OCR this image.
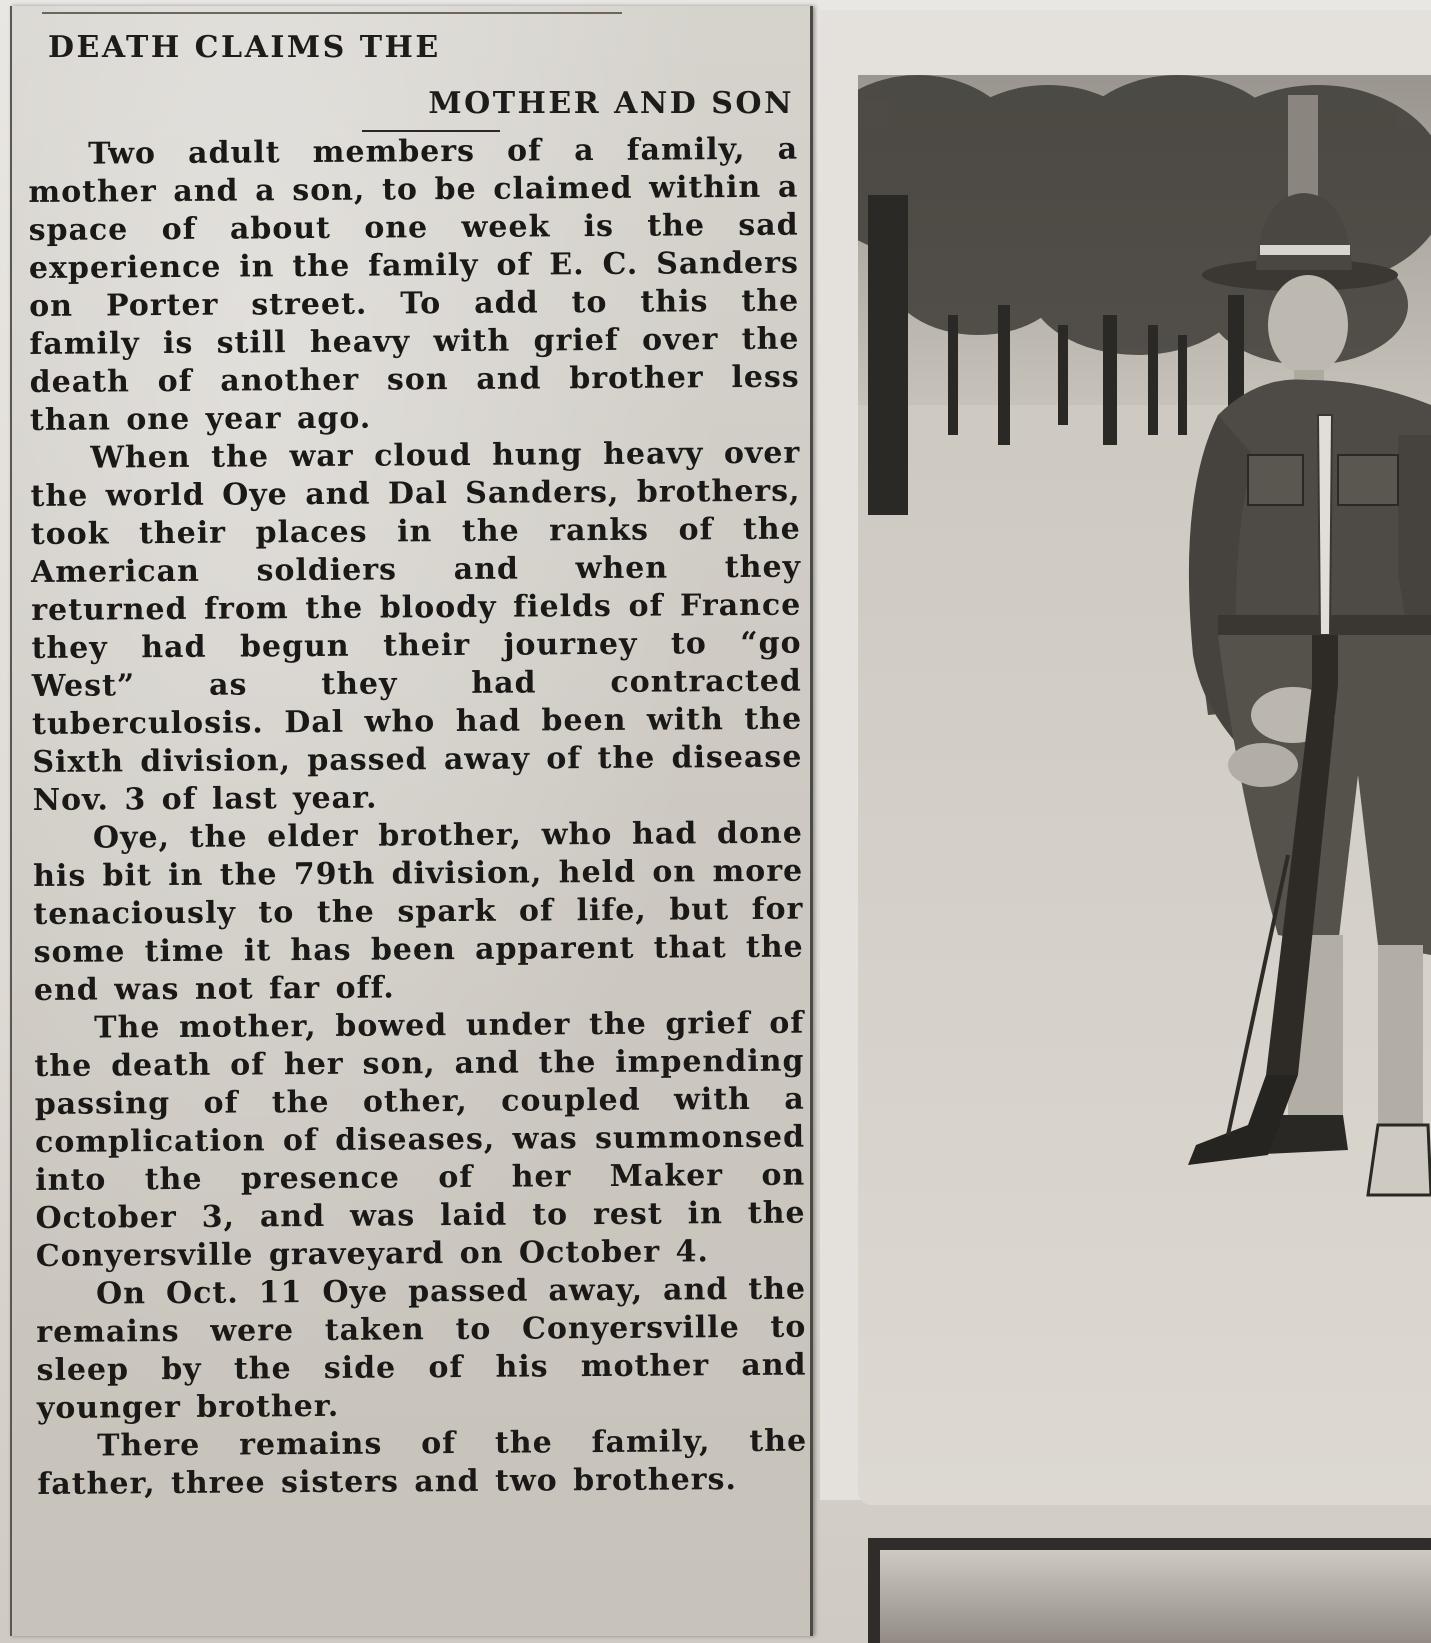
DEATH CLAIMS THE
MOTHER AND SON

Two adult members of a family, a mother and a son, to be claimed within a space of about one week is the sad experience in the family of E. C. Sanders on Porter street. To add to this the family is still heavy with grief over the death of another son and brother less than one year ago.

When the war cloud hung heavy over the world Oye and Dal Sanders, brothers, took their places in the ranks of the American soldiers and when they returned from the bloody fields of France they had begun their journey to “go West” as they had contracted tuberculosis. Dal who had been with the Sixth division, passed away of the disease Nov. 3 of last year.

Oye, the elder brother, who had done his bit in the 79th division, held on more tenaciously to the spark of life, but for some time it has been apparent that the end was not far off.

The mother, bowed under the grief of the death of her son, and the impending passing of the other, coupled with a complication of diseases, was summonsed into the presence of her Maker on October 3, and was laid to rest in the Conyersville graveyard on October 4.

On Oct. 11 Oye passed away, and the remains were taken to Conyersville to sleep by the side of his mother and younger brother.

There remains of the family, the father, three sisters and two brothers.
